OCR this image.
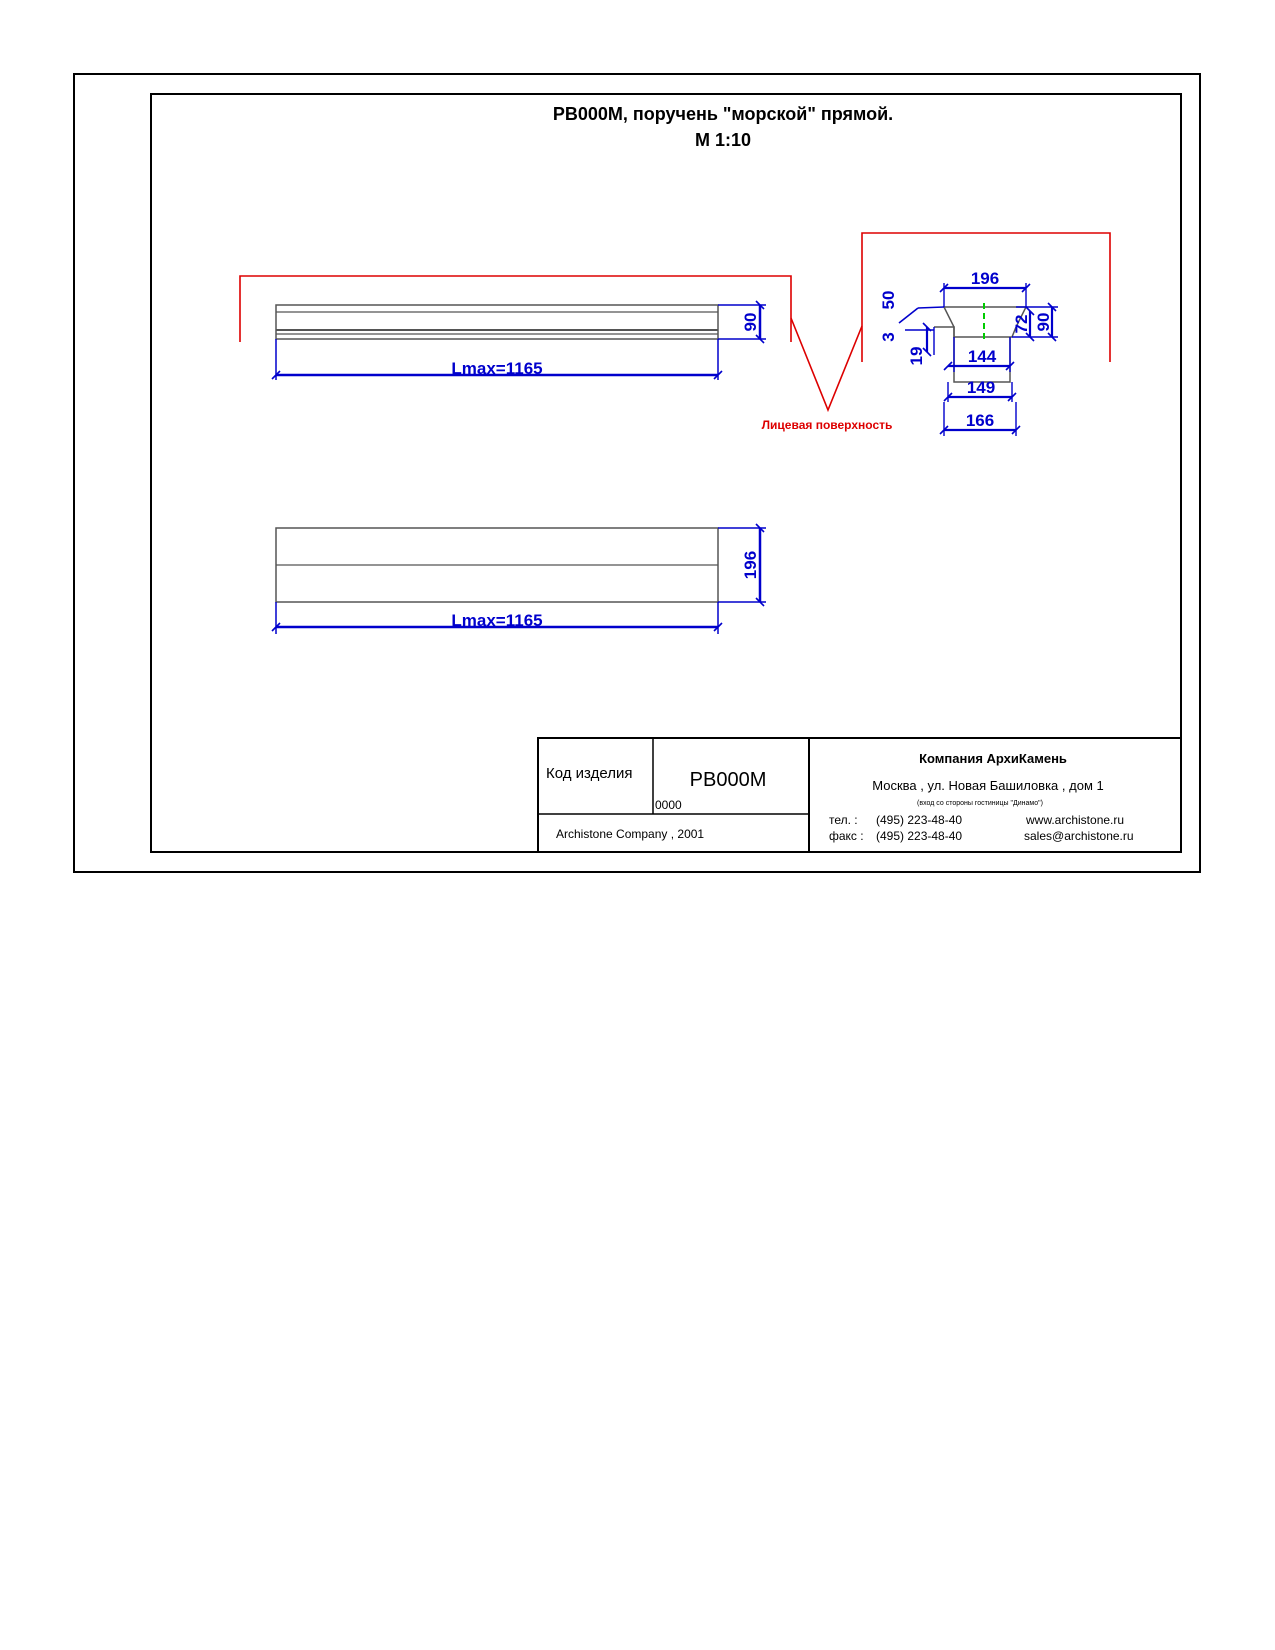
PB000M, поручень "морской" прямой.
M 1:10
Lmax=1165
90
Лицевая поверхность
196
50
3
19 144
149
166
72 90
Lmax=1165
196
Код изделия	PB000M
0000
Archistone Company , 2001
Компания АрхиКамень
Москва , ул. Новая Башиловка , дом 1
(вход со стороны гостиницы "Динамо")
тел. : (495) 223-48-40
факс : (495) 223-48-40
www.archistone.ru
sales@archistone.ru
